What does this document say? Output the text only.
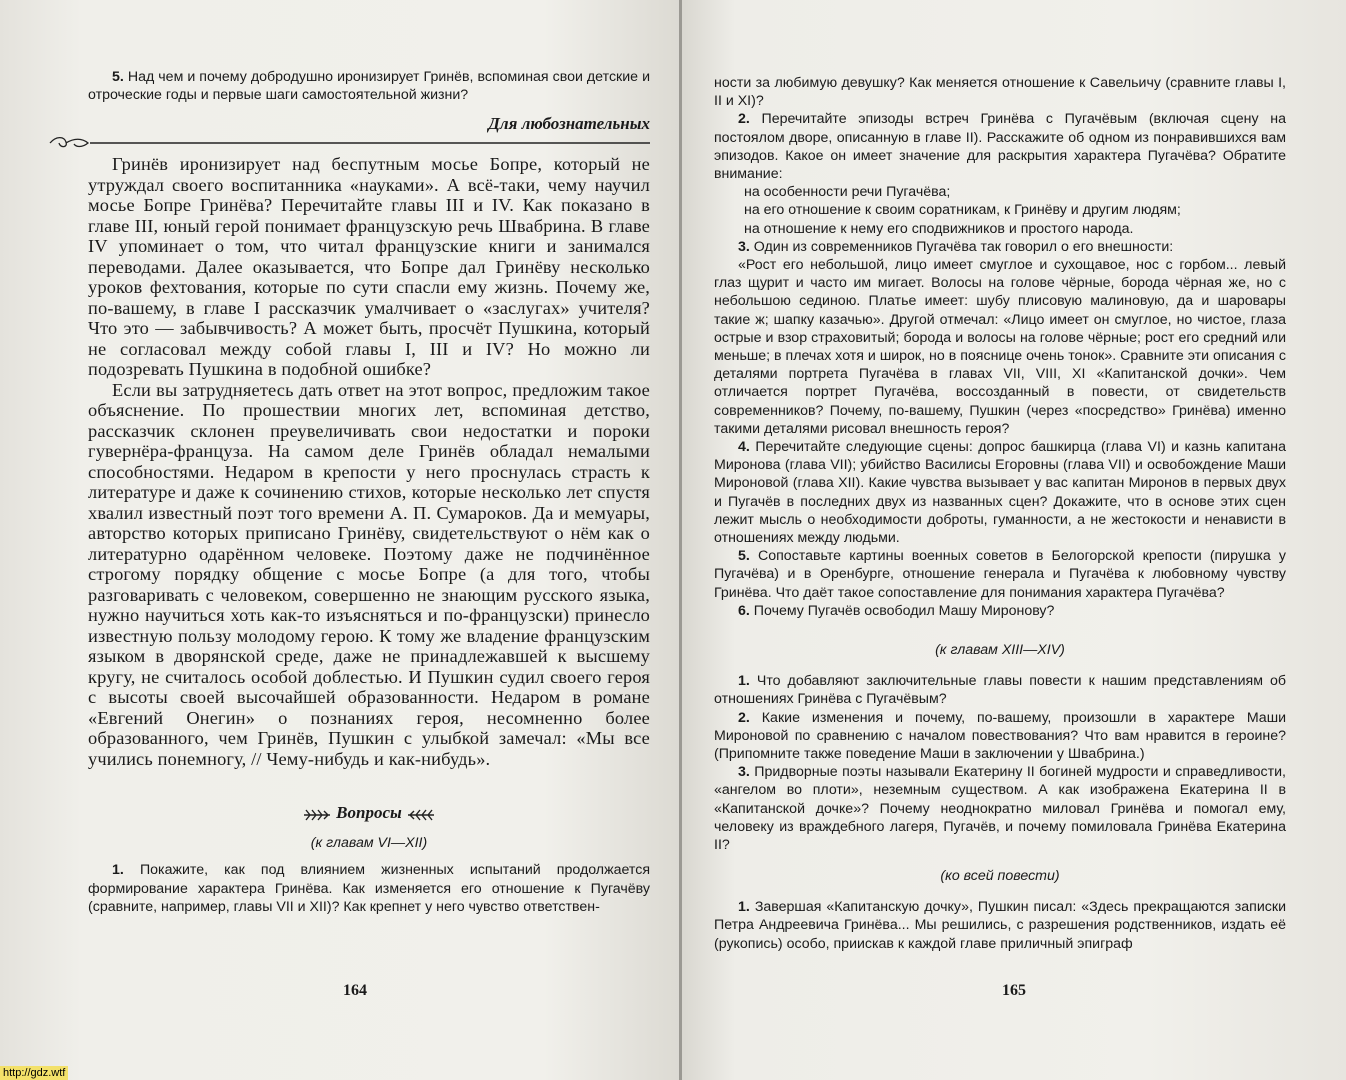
5. Над чем и почему добродушно иронизирует Гринёв, вспоминая свои детские и отроческие годы и первые шаги самостоятельной жизни?

Для любознательных

Гринёв иронизирует над беспутным мосье Бопре, который не утруждал своего воспитанника «науками». А всё-таки, чему научил мосье Бопре Гринёва? Перечитайте главы III и IV. Как показано в главе III, юный герой понимает французскую речь Швабрина. В главе IV упоминает о том, что читал французские книги и занимался переводами. Далее оказывается, что Бопре дал Гринёву несколько уроков фехтования, которые по сути спасли ему жизнь. Почему же, по-вашему, в главе I рассказчик умалчивает о «заслугах» учителя? Что это — забывчивость? А может быть, просчёт Пушкина, который не согласовал между собой главы I, III и IV? Но можно ли подозревать Пушкина в подобной ошибке?

Если вы затрудняетесь дать ответ на этот вопрос, предложим такое объяснение. По прошествии многих лет, вспоминая детство, рассказчик склонен преувеличивать свои недостатки и пороки гувернёра-француза. На самом деле Гринёв обладал немалыми способностями. Недаром в крепости у него проснулась страсть к литературе и даже к сочинению стихов, которые несколько лет спустя хвалил известный поэт того времени А. П. Сумароков. Да и мемуары, авторство которых приписано Гринёву, свидетельствуют о нём как о литературно одарённом человеке. Поэтому даже не подчинённое строгому порядку общение с мосье Бопре (а для того, чтобы разговаривать с человеком, совершенно не знающим русского языка, нужно научиться хоть как-то изъясняться и по-французски) принесло известную пользу молодому герою. К тому же владение французским языком в дворянской среде, даже не принадлежавшей к высшему кругу, не считалось особой доблестью. И Пушкин судил своего героя с высоты своей высочайшей образованности. Недаром в романе «Евгений Онегин» о познаниях героя, несомненно более образованного, чем Гринёв, Пушкин с улыбкой замечал: «Мы все учились понемногу, // Чему-нибудь и как-нибудь».

Вопросы
(к главам VI—XII)

1. Покажите, как под влиянием жизненных испытаний продолжается формирование характера Гринёва. Как изменяется его отношение к Пугачёву (сравните, например, главы VII и XII)? Как крепнет у него чувство ответствен-

164

ности за любимую девушку? Как меняется отношение к Савельичу (сравните главы I, II и XI)?

2. Перечитайте эпизоды встреч Гринёва с Пугачёвым (включая сцену на постоялом дворе, описанную в главе II). Расскажите об одном из понравившихся вам эпизодов. Какое он имеет значение для раскрытия характера Пугачёва? Обратите внимание:

на особенности речи Пугачёва;

на его отношение к своим соратникам, к Гринёву и другим людям;

на отношение к нему его сподвижников и простого народа.

3. Один из современников Пугачёва так говорил о его внешности:

«Рост его небольшой, лицо имеет смуглое и сухощавое, нос с горбом... левый глаз щурит и часто им мигает. Волосы на голове чёрные, борода чёрная же, но с небольшою сединою. Платье имеет: шубу плисовую малиновую, да и шаровары такие ж; шапку казачью». Другой отмечал: «Лицо имеет он смуглое, но чистое, глаза острые и взор страховитый; борода и волосы на голове чёрные; рост его средний или меньше; в плечах хотя и широк, но в пояснице очень тонок». Сравните эти описания с деталями портрета Пугачёва в главах VII, VIII, XI «Капитанской дочки». Чем отличается портрет Пугачёва, воссозданный в повести, от свидетельств современников? Почему, по-вашему, Пушкин (через «посредство» Гринёва) именно такими деталями рисовал внешность героя?

4. Перечитайте следующие сцены: допрос башкирца (глава VI) и казнь капитана Миронова (глава VII); убийство Василисы Егоровны (глава VII) и освобождение Маши Мироновой (глава XII). Какие чувства вызывает у вас капитан Миронов в первых двух и Пугачёв в последних двух из названных сцен? Докажите, что в основе этих сцен лежит мысль о необходимости доброты, гуманности, а не жестокости и ненависти в отношениях между людьми.

5. Сопоставьте картины военных советов в Белогорской крепости (пирушка у Пугачёва) и в Оренбурге, отношение генерала и Пугачёва к любовному чувству Гринёва. Что даёт такое сопоставление для понимания характера Пугачёва?

6. Почему Пугачёв освободил Машу Миронову?

(к главам XIII—XIV)

1. Что добавляют заключительные главы повести к нашим представлениям об отношениях Гринёва с Пугачёвым?

2. Какие изменения и почему, по-вашему, произошли в характере Маши Мироновой по сравнению с началом повествования? Что вам нравится в героине? (Припомните также поведение Маши в заключении у Швабрина.)

3. Придворные поэты называли Екатерину II богиней мудрости и справедливости, «ангелом во плоти», неземным существом. А как изображена Екатерина II в «Капитанской дочке»? Почему неоднократно миловал Гринёва и помогал ему, человеку из враждебного лагеря, Пугачёв, и почему помиловала Гринёва Екатерина II?

(ко всей повести)

1. Завершая «Капитанскую дочку», Пушкин писал: «Здесь прекращаются записки Петра Андреевича Гринёва... Мы решились, с разрешения родственников, издать её (рукопись) особо, приискав к каждой главе приличный эпиграф

165
http://gdz.wtf
